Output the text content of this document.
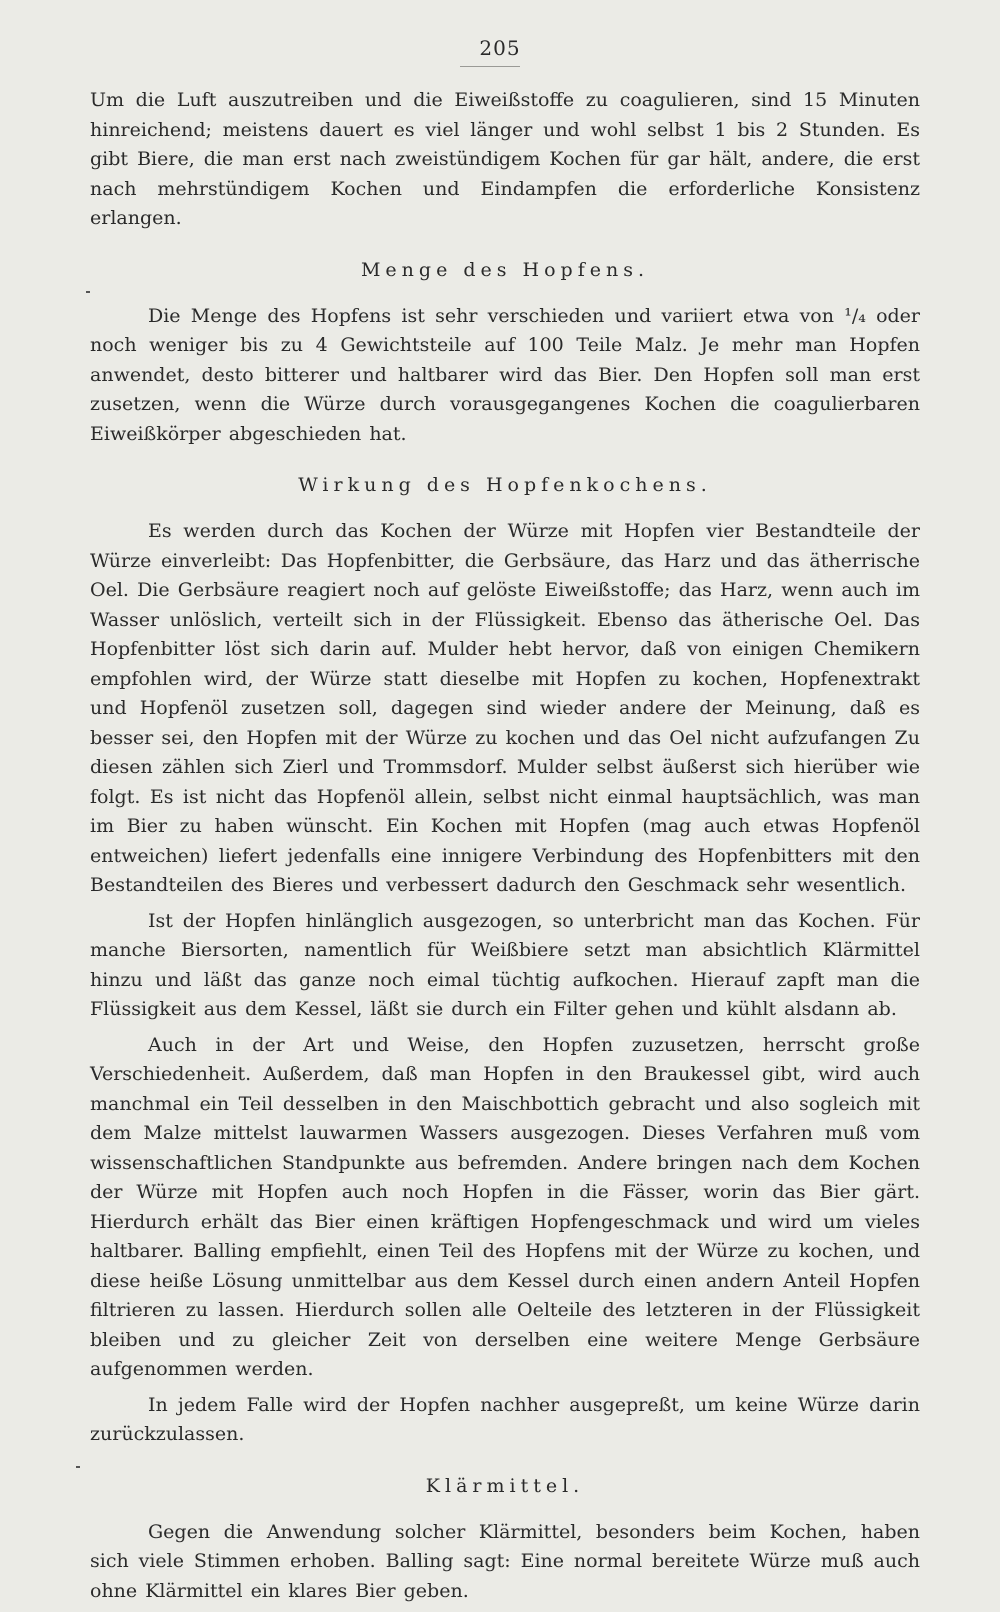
205

Um die Luft auszutreiben und die Eiweißstoffe zu coagulieren, sind 15 Minuten hinreichend; meistens dauert es viel länger und wohl selbst 1 bis 2 Stunden. Es gibt Biere, die man erst nach zweistündigem Kochen für gar hält, andere, die erst nach mehrstündigem Kochen und Eindampfen die erforderliche Konsistenz erlangen.

Menge des Hopfens.

Die Menge des Hopfens ist sehr verschieden und variiert etwa von ¹/₄ oder noch weniger bis zu 4 Gewichtsteile auf 100 Teile Malz. Je mehr man Hopfen anwendet, desto bitterer und haltbarer wird das Bier. Den Hopfen soll man erst zusetzen, wenn die Würze durch vorausgegangenes Kochen die coagulierbaren Eiweißkörper abgeschieden hat.

Wirkung des Hopfenkochens.

Es werden durch das Kochen der Würze mit Hopfen vier Bestandteile der Würze einverleibt: Das Hopfenbitter, die Gerbsäure, das Harz und das ätherrische Oel. Die Gerbsäure reagiert noch auf gelöste Eiweißstoffe; das Harz, wenn auch im Wasser unlöslich, verteilt sich in der Flüssigkeit. Ebenso das ätherische Oel. Das Hopfenbitter löst sich darin auf. Mulder hebt hervor, daß von einigen Chemikern empfohlen wird, der Würze statt dieselbe mit Hopfen zu kochen, Hopfenextrakt und Hopfenöl zusetzen soll, dagegen sind wieder andere der Meinung, daß es besser sei, den Hopfen mit der Würze zu kochen und das Oel nicht aufzufangen Zu diesen zählen sich Zierl und Trommsdorf. Mulder selbst äußerst sich hierüber wie folgt. Es ist nicht das Hopfenöl allein, selbst nicht einmal hauptsächlich, was man im Bier zu haben wünscht. Ein Kochen mit Hopfen (mag auch etwas Hopfenöl entweichen) liefert jedenfalls eine innigere Verbindung des Hopfenbitters mit den Bestandteilen des Bieres und verbessert dadurch den Geschmack sehr wesentlich.

Ist der Hopfen hinlänglich ausgezogen, so unterbricht man das Kochen. Für manche Biersorten, namentlich für Weißbiere setzt man absichtlich Klärmittel hinzu und läßt das ganze noch eimal tüchtig aufkochen. Hierauf zapft man die Flüssigkeit aus dem Kessel, läßt sie durch ein Filter gehen und kühlt alsdann ab.

Auch in der Art und Weise, den Hopfen zuzusetzen, herrscht große Verschiedenheit. Außerdem, daß man Hopfen in den Braukessel gibt, wird auch manchmal ein Teil desselben in den Maischbottich gebracht und also sogleich mit dem Malze mittelst lauwarmen Wassers ausgezogen. Dieses Verfahren muß vom wissenschaftlichen Standpunkte aus befremden. Andere bringen nach dem Kochen der Würze mit Hopfen auch noch Hopfen in die Fässer, worin das Bier gärt. Hierdurch erhält das Bier einen kräftigen Hopfengeschmack und wird um vieles haltbarer. Balling empfiehlt, einen Teil des Hopfens mit der Würze zu kochen, und diese heiße Lösung unmittelbar aus dem Kessel durch einen andern Anteil Hopfen filtrieren zu lassen. Hierdurch sollen alle Oelteile des letzteren in der Flüssigkeit bleiben und zu gleicher Zeit von derselben eine weitere Menge Gerbsäure aufgenommen werden.

In jedem Falle wird der Hopfen nachher ausgepreßt, um keine Würze darin zurückzulassen.

Klärmittel.

Gegen die Anwendung solcher Klärmittel, besonders beim Kochen, haben sich viele Stimmen erhoben. Balling sagt: Eine normal bereitete Würze muß auch ohne Klärmittel ein klares Bier geben.
